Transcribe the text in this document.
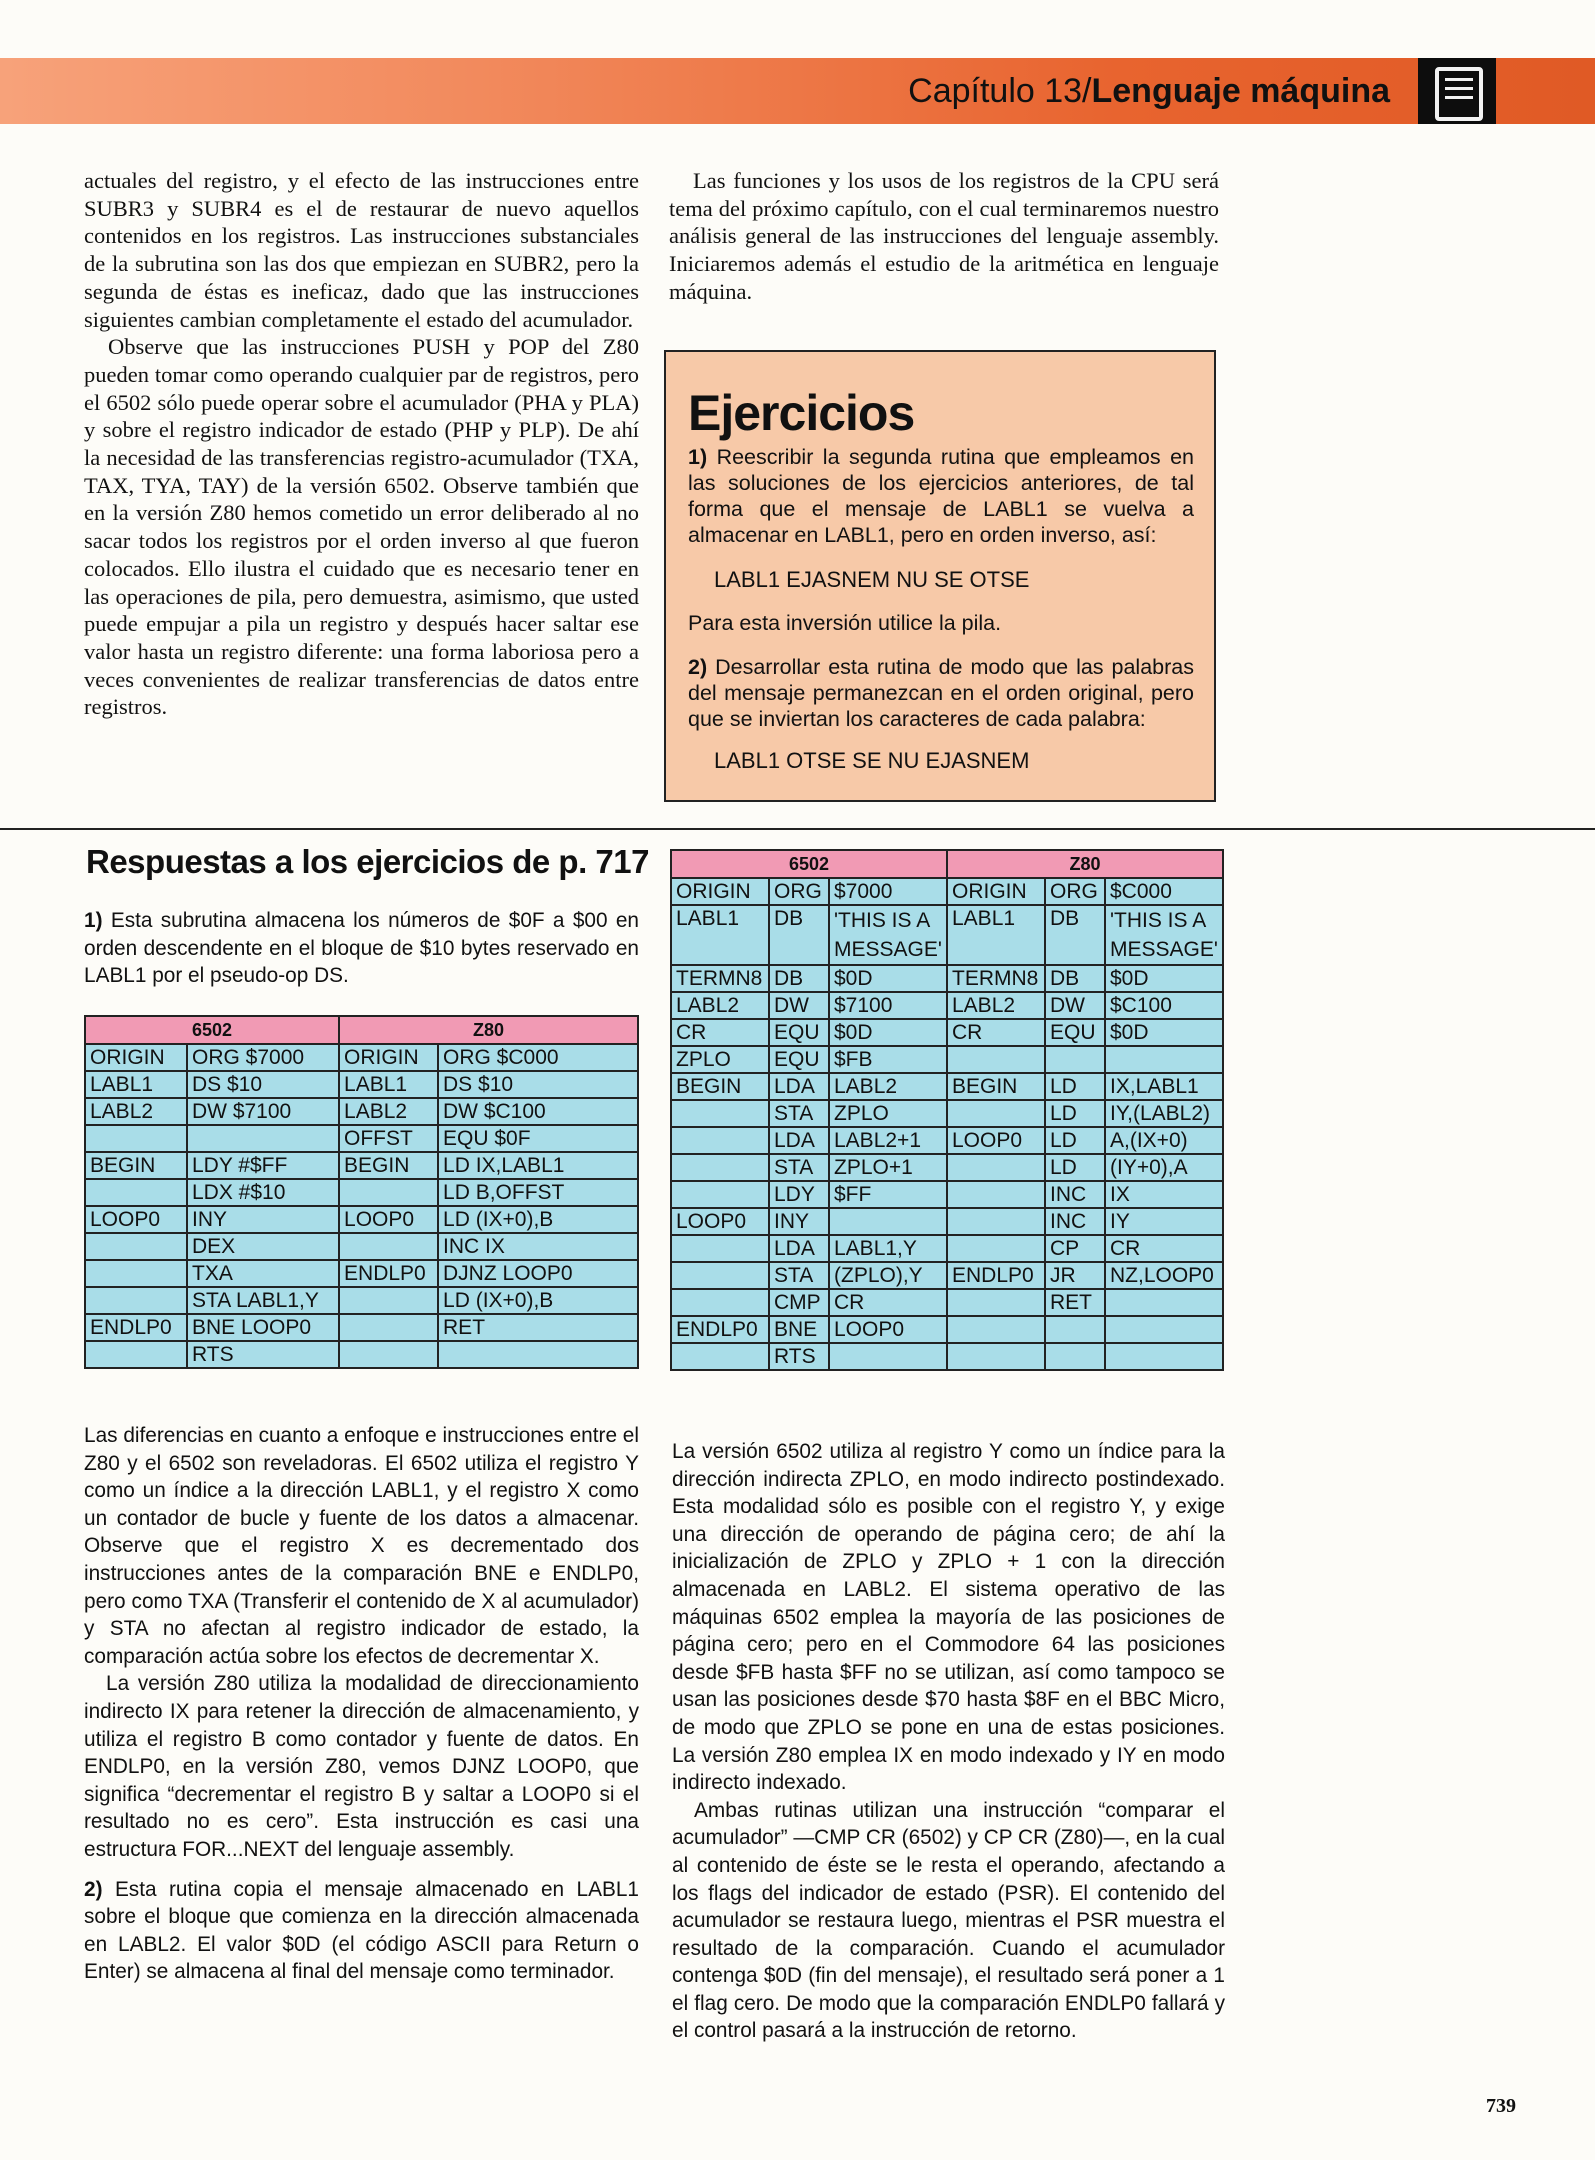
Capítulo 13/Lenguaje máquina

actuales del registro, y el efecto de las instrucciones entre SUBR3 y SUBR4 es el de restaurar de nuevo aquellos contenidos en los registros. Las instrucciones substanciales de la subrutina son las dos que empiezan en SUBR2, pero la segunda de éstas es ineficaz, dado que las instrucciones siguientes cambian completamente el estado del acumulador.

Observe que las instrucciones PUSH y POP del Z80 pueden tomar como operando cualquier par de registros, pero el 6502 sólo puede operar sobre el acumulador (PHA y PLA) y sobre el registro indicador de estado (PHP y PLP). De ahí la necesidad de las transferencias registro-acumulador (TXA, TAX, TYA, TAY) de la versión 6502. Observe también que en la versión Z80 hemos cometido un error deliberado al no sacar todos los registros por el orden inverso al que fueron colocados. Ello ilustra el cuidado que es necesario tener en las operaciones de pila, pero demuestra, asimismo, que usted puede empujar a pila un registro y después hacer saltar ese valor hasta un registro diferente: una forma laboriosa pero a veces convenientes de realizar transferencias de datos entre registros.

Las funciones y los usos de los registros de la CPU será tema del próximo capítulo, con el cual terminaremos nuestro análisis general de las instrucciones del lenguaje assembly. Iniciaremos además el estudio de la aritmética en lenguaje máquina.

Ejercicios
1) Reescribir la segunda rutina que empleamos en las soluciones de los ejercicios anteriores, de tal forma que el mensaje de LABL1 se vuelva a almacenar en LABL1, pero en orden inverso, así:
LABL1 EJASNEM NU SE OTSE
Para esta inversión utilice la pila.
2) Desarrollar esta rutina de modo que las palabras del mensaje permanezcan en el orden original, pero que se inviertan los caracteres de cada palabra:
LABL1 OTSE SE NU EJASNEM
Respuestas a los ejercicios de p. 717

1) Esta subrutina almacena los números de $0F a $00 en orden descendente en el bloque de $10 bytes reservado en LABL1 por el pseudo-op DS.

6502		Z80	
ORIGIN	ORG $7000	ORIGIN	ORG $C000
LABL1	DS $10	LABL1	DS $10
LABL2	DW $7100	LABL2	DW $C100
		OFFST	EQU $0F
BEGIN	LDY #$FF	BEGIN	LD IX,LABL1
	LDX #$10		LD B,OFFST
LOOP0	INY	LOOP0	LD (IX+0),B
	DEX		INC IX
	TXA	ENDLP0	DJNZ LOOP0
	STA LABL1,Y		LD (IX+0),B
ENDLP0	BNE LOOP0		RET
	RTS		

Las diferencias en cuanto a enfoque e instrucciones entre el Z80 y el 6502 son reveladoras. El 6502 utiliza el registro Y como un índice a la dirección LABL1, y el registro X como un contador de bucle y fuente de los datos a almacenar. Observe que el registro X es decrementado dos instrucciones antes de la comparación BNE e ENDLP0, pero como TXA (Transferir el contenido de X al acumulador) y STA no afectan al registro indicador de estado, la comparación actúa sobre los efectos de decrementar X.

La versión Z80 utiliza la modalidad de direccionamiento indirecto IX para retener la dirección de almacenamiento, y utiliza el registro B como contador y fuente de datos. En ENDLP0, en la versión Z80, vemos DJNZ LOOP0, que significa “decrementar el registro B y saltar a LOOP0 si el resultado no es cero”. Esta instrucción es casi una estructura FOR...NEXT del lenguaje assembly.

2) Esta rutina copia el mensaje almacenado en LABL1 sobre el bloque que comienza en la dirección almacenada en LABL2. El valor $0D (el código ASCII para Return o Enter) se almacena al final del mensaje como terminador.

6502			Z80		
ORIGIN	ORG	$7000	ORIGIN	ORG	$C000
LABL1	DB	'THIS IS A MESSAGE'	LABL1	DB	'THIS IS A MESSAGE'
TERMN8	DB	$0D	TERMN8	DB	$0D
LABL2	DW	$7100	LABL2	DW	$C100
CR	EQU	$0D	CR	EQU	$0D
ZPLO	EQU	$FB			
BEGIN	LDA	LABL2	BEGIN	LD	IX,LABL1
	STA	ZPLO		LD	IY,(LABL2)
	LDA	LABL2+1	LOOP0	LD	A,(IX+0)
	STA	ZPLO+1		LD	(IY+0),A
	LDY	$FF		INC	IX
LOOP0	INY			INC	IY
	LDA	LABL1,Y		CP	CR
	STA	(ZPLO),Y	ENDLP0	JR	NZ,LOOP0
	CMP	CR		RET	
ENDLP0	BNE	LOOP0			
	RTS				

La versión 6502 utiliza al registro Y como un índice para la dirección indirecta ZPLO, en modo indirecto postindexado. Esta modalidad sólo es posible con el registro Y, y exige una dirección de operando de página cero; de ahí la inicialización de ZPLO y ZPLO + 1 con la dirección almacenada en LABL2. El sistema operativo de las máquinas 6502 emplea la mayoría de las posiciones de página cero; pero en el Commodore 64 las posiciones desde $FB hasta $FF no se utilizan, así como tampoco se usan las posiciones desde $70 hasta $8F en el BBC Micro, de modo que ZPLO se pone en una de estas posiciones. La versión Z80 emplea IX en modo indexado y IY en modo indirecto indexado.

Ambas rutinas utilizan una instrucción “comparar el acumulador” —CMP CR (6502) y CP CR (Z80)—, en la cual al contenido de éste se le resta el operando, afectando a los flags del indicador de estado (PSR). El contenido del acumulador se restaura luego, mientras el PSR muestra el resultado de la comparación. Cuando el acumulador contenga $0D (fin del mensaje), el resultado será poner a 1 el flag cero. De modo que la comparación ENDLP0 fallará y el control pasará a la instrucción de retorno.

739
